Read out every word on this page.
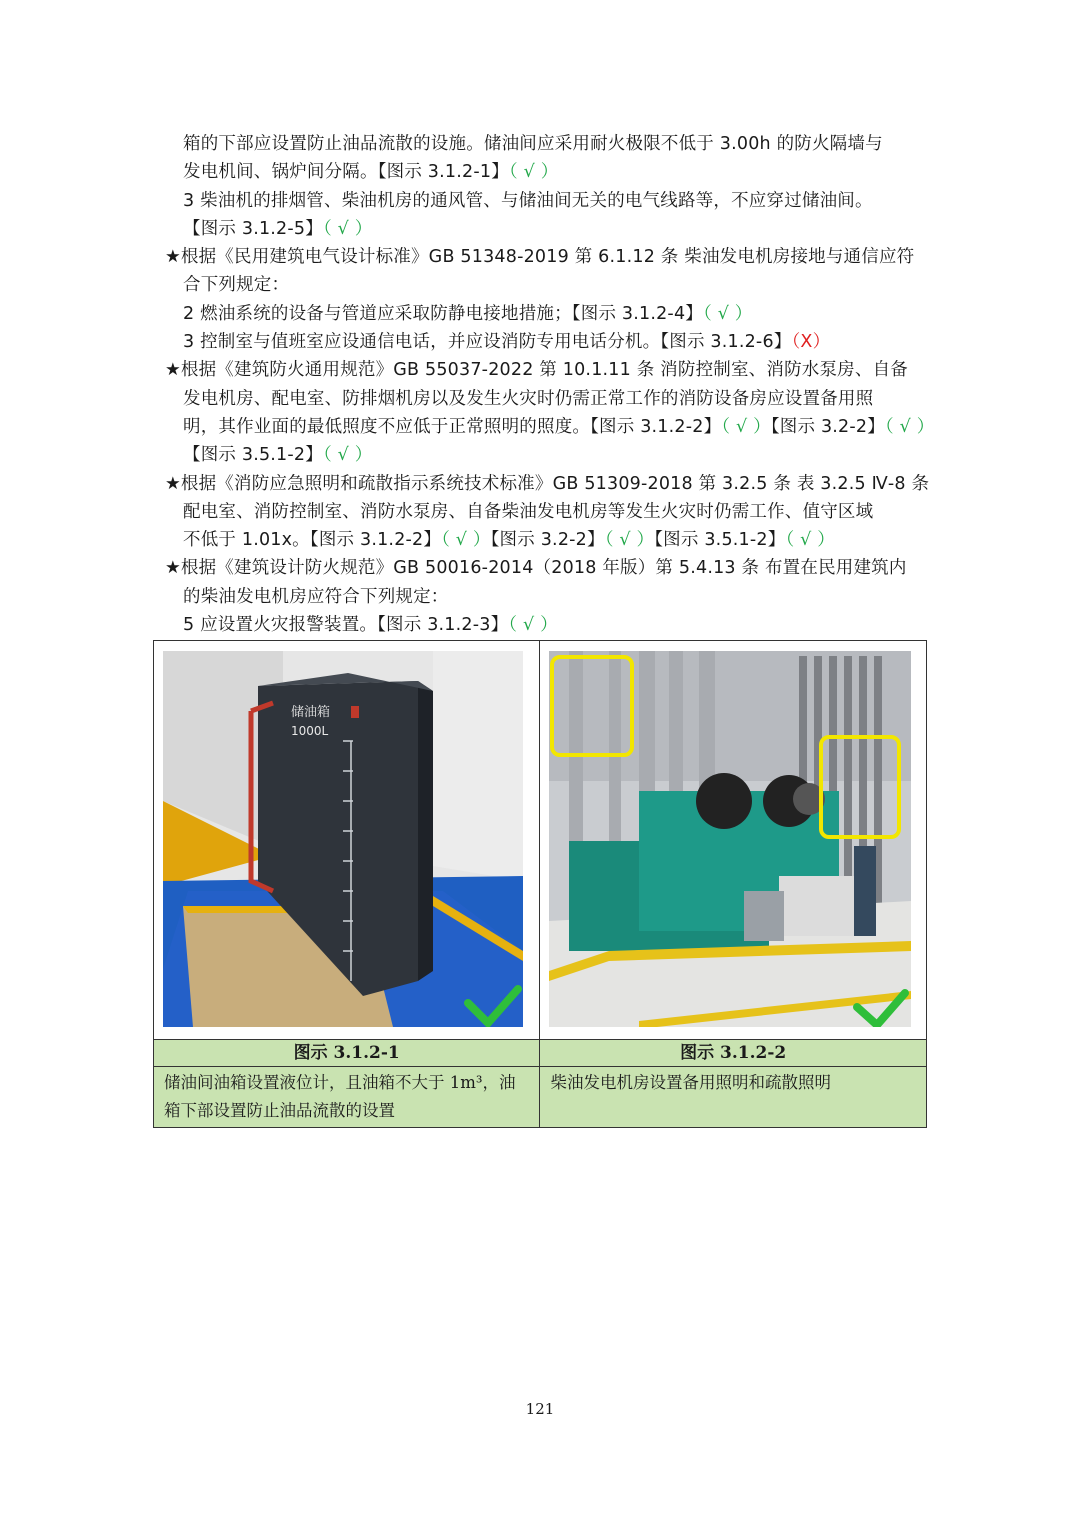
箱的下部应设置防止油品流散的设施。储油间应采用耐火极限不低于 3.00h 的防火隔墙与
发电机间、锅炉间分隔。【图示 3.1.2-1】（ √ ）
3 柴油机的排烟管、柴油机房的通风管、与储油间无关的电气线路等，不应穿过储油间。
【图示 3.1.2-5】（ √ ）
★根据《民用建筑电气设计标准》GB 51348-2019 第 6.1.12 条 柴油发电机房接地与通信应符
合下列规定：
2 燃油系统的设备与管道应采取防静电接地措施；【图示 3.1.2-4】（ √ ）
3 控制室与值班室应设通信电话，并应设消防专用电话分机。【图示 3.1.2-6】（X）
★根据《建筑防火通用规范》GB 55037-2022 第 10.1.11 条 消防控制室、消防水泵房、自备
发电机房、配电室、防排烟机房以及发生火灾时仍需正常工作的消防设备房应设置备用照
明，其作业面的最低照度不应低于正常照明的照度。【图示 3.1.2-2】（ √ ）【图示 3.2-2】（ √ ）
【图示 3.5.1-2】（ √ ）
★根据《消防应急照明和疏散指示系统技术标准》GB 51309-2018 第 3.2.5 条 表 3.2.5 Ⅳ-8 条
配电室、消防控制室、消防水泵房、自备柴油发电机房等发生火灾时仍需工作、值守区域
不低于 1.01x。【图示 3.1.2-2】（ √ ）【图示 3.2-2】（ √ ）【图示 3.5.1-2】（ √ ）
★根据《建筑设计防火规范》GB 50016-2014（2018 年版）第 5.4.13 条 布置在民用建筑内
的柴油发电机房应符合下列规定：
5 应设置火灾报警装置。【图示 3.1.2-3】（ √ ）
储油箱
1000L

图示 3.1.2-1	图示 3.1.2-2
储油间油箱设置液位计，且油箱不大于 1m³，油箱下部设置防止油品流散的设置	柴油发电机房设置备用照明和疏散照明
121
